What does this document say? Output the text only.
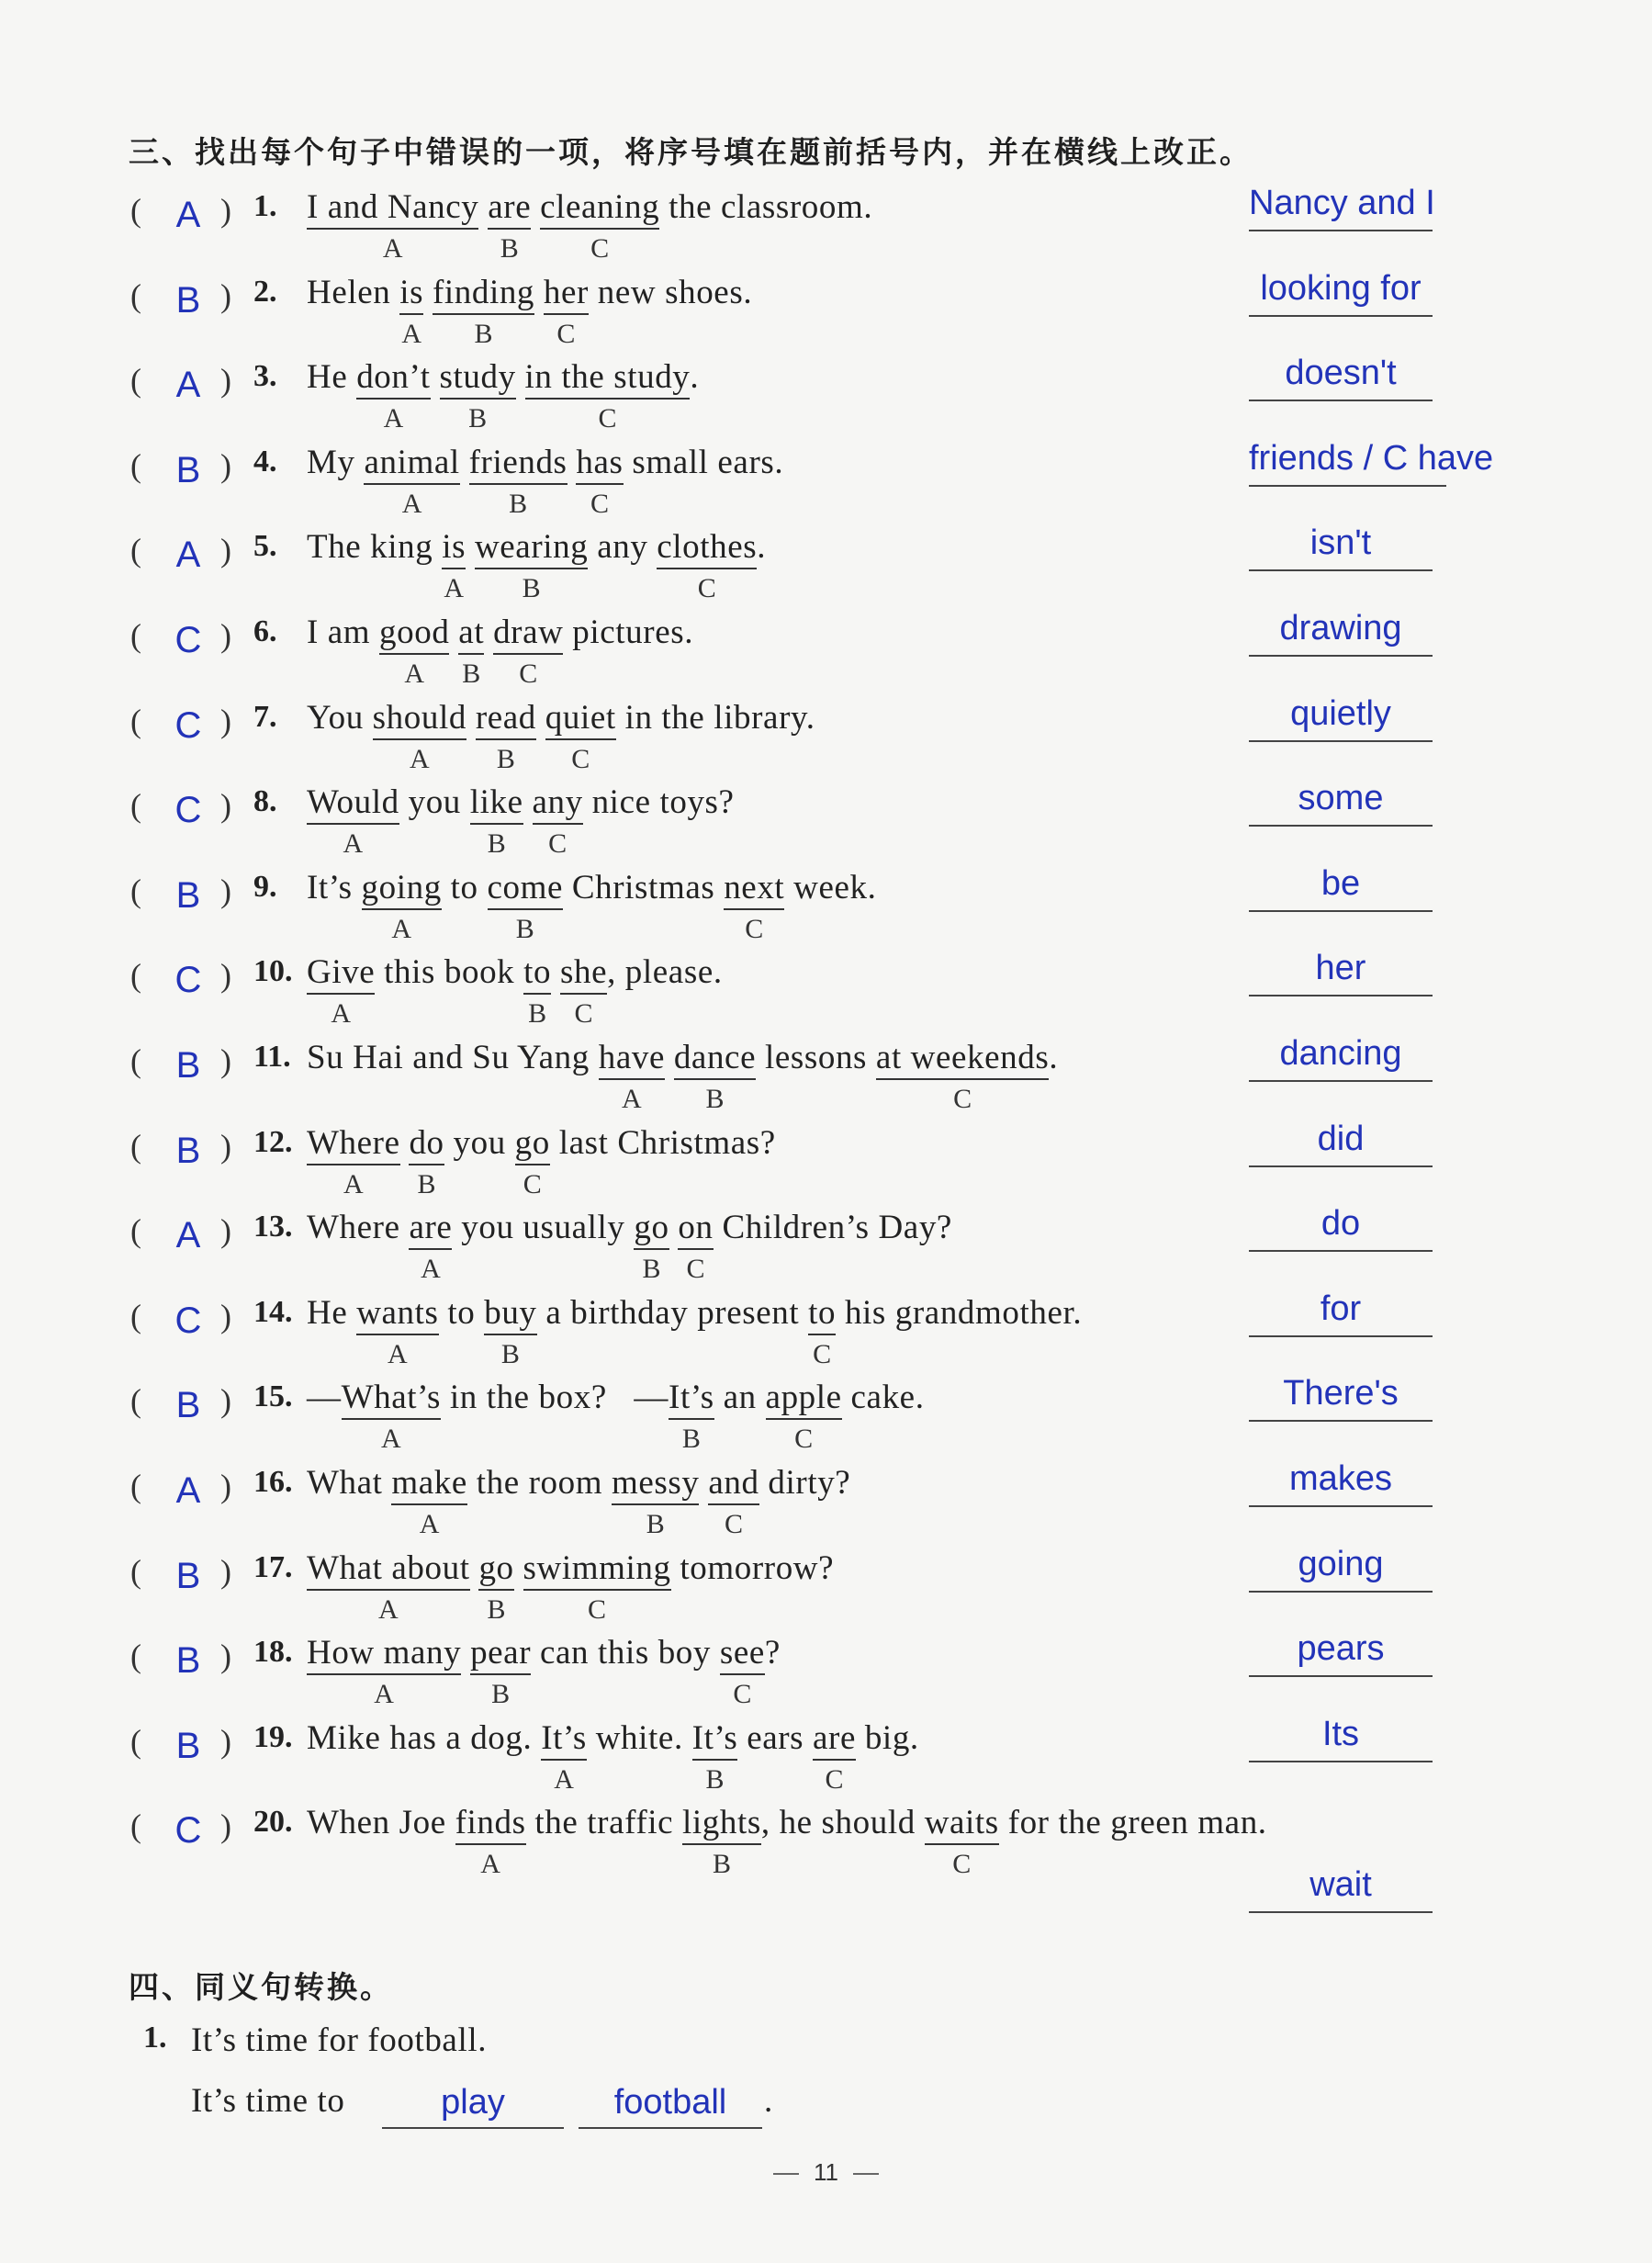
三、找出每个句子中错误的一项，将序号填在题前括号内，并在横线上改正。
( A ) 1. I and Nancy
A
are
B
cleaning
C
the classroom.	Nancy and I
( B ) 2. Helen is
A
finding
B
her
C
new shoes.	looking for
( A ) 3. He don’t
A
study
B
in the study
C
.	doesn't
( B ) 4. My animal
A
friends
B
has
C
small ears.	friends / C have
( A ) 5. The king is
A
wearing
B
any clothes
C
.	isn't
( C ) 6. I am good
A
at
B
draw
C
pictures.	drawing
( C ) 7. You should
A
read
B
quiet
C
in the library.	quietly
( C ) 8. Would
A
you like
B
any
C
nice toys?	some
( B ) 9. It’s going
A
to come
B
Christmas next
C
week.	be
( C ) 10. Give
A
this book to
B
she
C
, please.	her
( B ) 11. Su Hai and Su Yang have
A
dance
B
lessons at weekends
C
.	dancing
( B ) 12. Where
A
do
B
you go
C
last Christmas?	did
( A ) 13. Where are
A
you usually go
B
on
C
Children’s Day?	do
( C ) 14. He wants
A
to buy
B
a birthday present to
C
his grandmother.	for
( B ) 15. —What’s
A
in the box?   —It’s
B
an apple
C
cake.	There's
( A ) 16. What make
A
the room messy
B
and
C
dirty?	makes
( B ) 17. What about
A
go
B
swimming
C
tomorrow?	going
( B ) 18. How many
A
pear
B
can this boy see
C
?	pears
( B ) 19. Mike has a dog. It’s
A
white. It’s
B
ears are
C
big.	Its
( C ) 20. When Joe finds
A
the traffic lights
B
, he should waits
C
for the green man.
wait
四、同义句转换。
1. It’s time for football.
It’s time to	play	football	.
11
